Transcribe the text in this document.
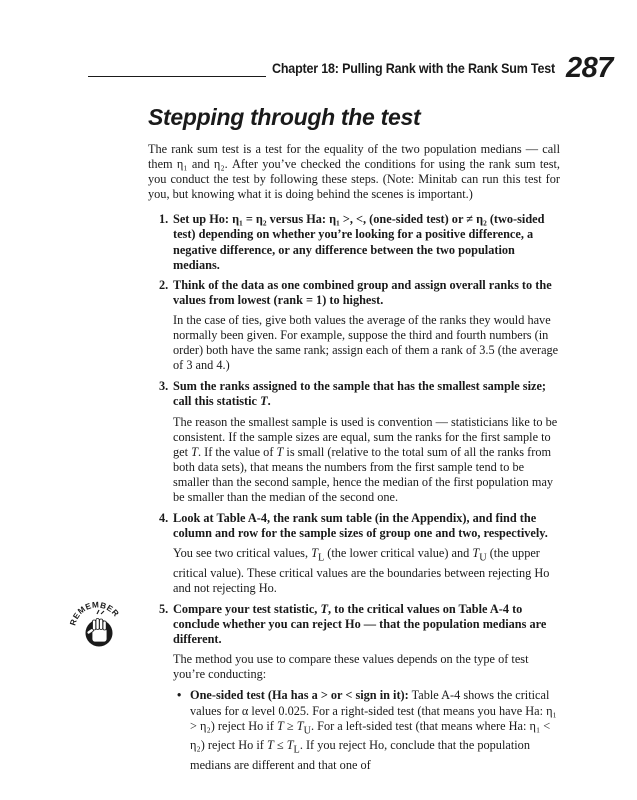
Chapter 18: Pulling Rank with the Rank Sum Test 287
Stepping through the test
REMEMBER

The rank sum test is a test for the equality of the two population medians — call them η₁ and η₂. After you’ve checked the conditions for using the rank sum test, you conduct the test by following these steps. (Note: Minitab can run this test for you, but knowing what it is doing behind the scenes is important.)

1. Set up Ho: η₁ = η₂ versus Ha: η₁ >, <, (one-sided test) or ≠ η₂ (two-sided test) depending on whether you’re looking for a positive difference, a negative difference, or any difference between the two population medians.

2. Think of the data as one combined group and assign overall ranks to the values from lowest (rank = 1) to highest.

In the case of ties, give both values the average of the ranks they would have normally been given. For example, suppose the third and fourth numbers (in order) both have the same rank; assign each of them a rank of 3.5 (the average of 3 and 4.)

3. Sum the ranks assigned to the sample that has the smallest sample size; call this statistic T.

The reason the smallest sample is used is convention — statisticians like to be consistent. If the sample sizes are equal, sum the ranks for the first sample to get T. If the value of T is small (relative to the total sum of all the ranks from both data sets), that means the numbers from the first sample tend to be smaller than the second sample, hence the median of the first population may be smaller than the median of the second one.

4. Look at Table A-4, the rank sum table (in the Appendix), and find the column and row for the sample sizes of group one and two, respectively.

You see two critical values, $T_L$ (the lower critical value) and $T_U$ (the upper critical value). These critical values are the boundaries between rejecting Ho and not rejecting Ho.

5. Compare your test statistic, T, to the critical values on Table A-4 to conclude whether you can reject Ho — that the population medians are different.

The method you use to compare these values depends on the type of test you’re conducting:

• One-sided test (Ha has a > or < sign in it): Table A-4 shows the critical values for α level 0.025. For a right-sided test (that means you have Ha: η₁ > η₂) reject Ho if $T \ge T_U$. For a left-sided test (that means where Ha: η₁ < η₂) reject Ho if $T \le T_L$. If you reject Ho, conclude that the population medians are different and that one of
